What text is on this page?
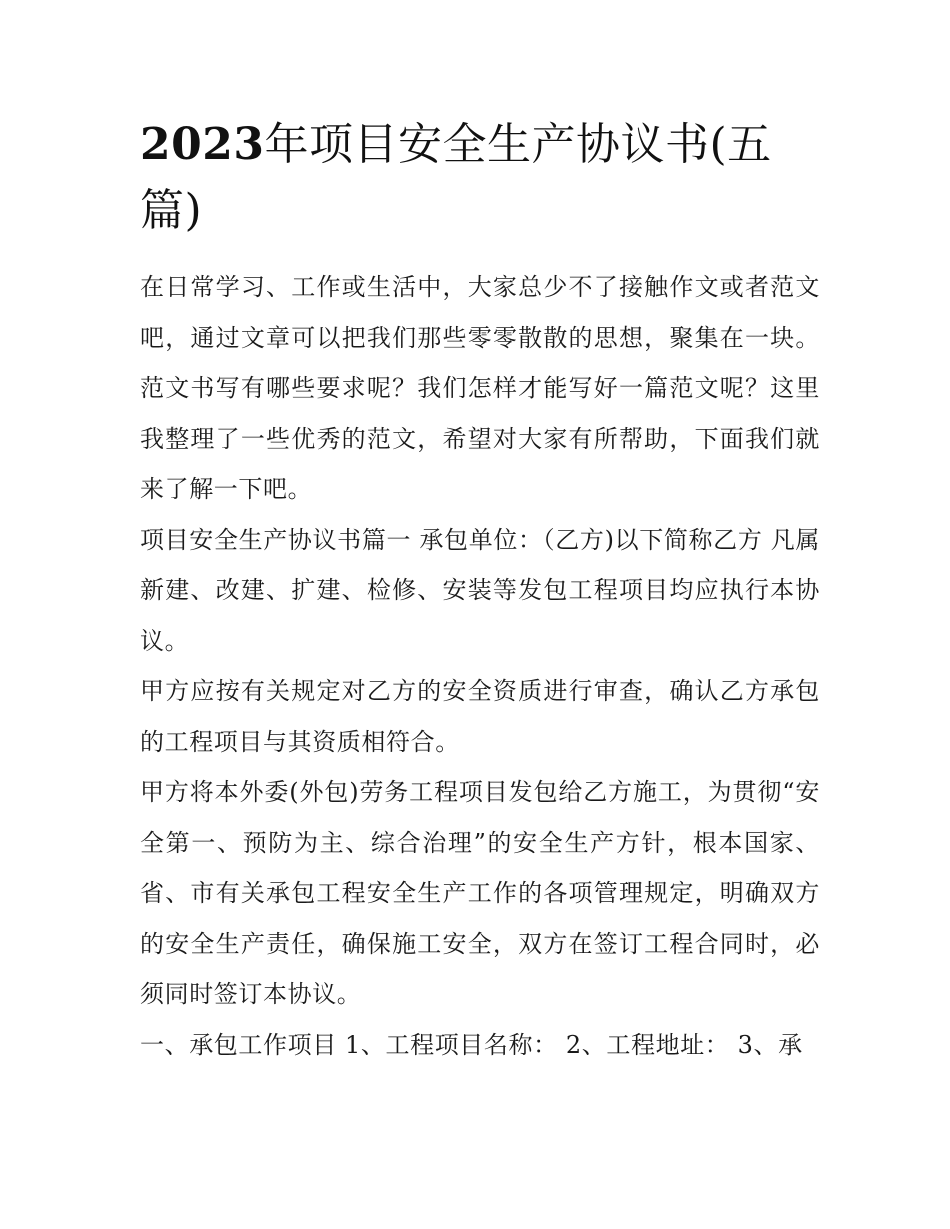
2023年项目安全生产协议书(五篇)

在日常学习、工作或生活中，大家总少不了接触作文或者范文吧，通过文章可以把我们那些零零散散的思想，聚集在一块。范文书写有哪些要求呢？我们怎样才能写好一篇范文呢？这里我整理了一些优秀的范文，希望对大家有所帮助，下面我们就来了解一下吧。

项目安全生产协议书篇一 承包单位：（乙方)以下简称乙方 凡属新建、改建、扩建、检修、安装等发包工程项目均应执行本协议。

甲方应按有关规定对乙方的安全资质进行审查，确认乙方承包的工程项目与其资质相符合。

甲方将本外委(外包)劳务工程项目发包给乙方施工，为贯彻“安全第一、预防为主、综合治理”的安全生产方针，根本国家、省、市有关承包工程安全生产工作的各项管理规定，明确双方的安全生产责任，确保施工安全，双方在签订工程合同时，必须同时签订本协议。

一、承包工作项目 1、工程项目名称： 2、工程地址： 3、承
